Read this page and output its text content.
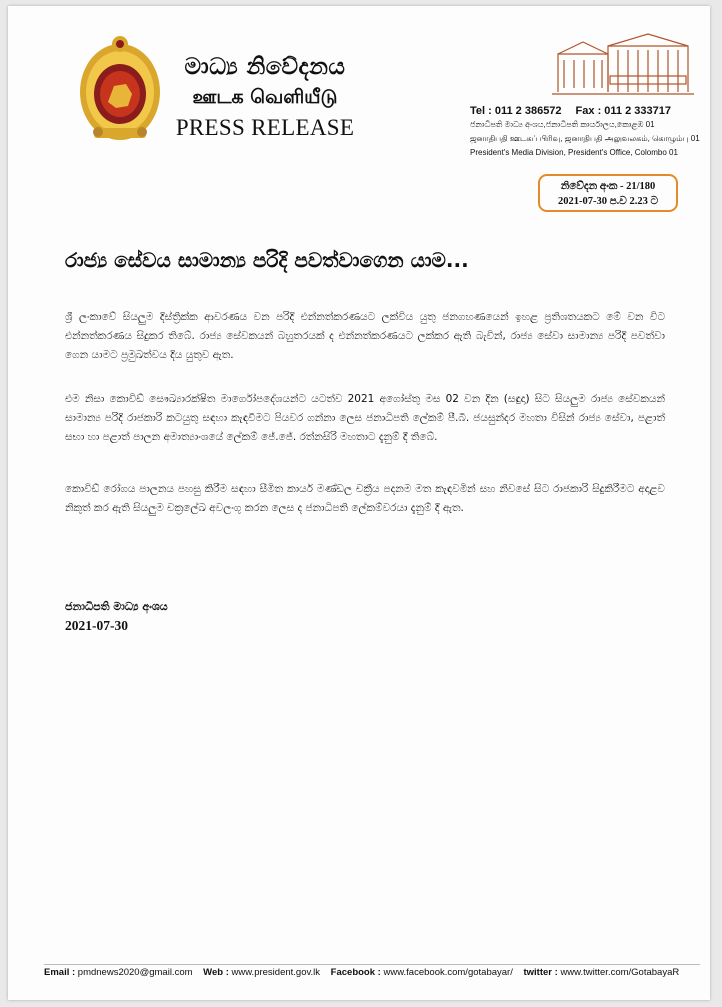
මාධ්‍ය නිවේදනය
ஊடக வெளியீடு
PRESS RELEASE
Tel : 011 2 386572 Fax : 011 2 333717
ජනාධිපති මාධ්‍ය අංශය,ජනාධිපති කාර්යාලය,කොළඹ 01
ஜனாதிபதி ஊடகப் பிரிவு, ஜனாதிபதி அலுவலகம், கொழும்பு 01
President's Media Division, President's Office, Colombo 01
නිවේදන අංක - 21/180
2021-07-30 ප.ව 2.23 ට
රාජ්‍ය සේවය සාමාන්‍ය පරිදි පවත්වාගෙන යාම...
ශ්‍රී ලංකාවේ සියලුම දිස්ත්‍රික්ක ආවරණය වන පරිදි එන්නත්කරණයට ලක්විය යුතු ජනගහණයෙන් ඉහළ ප්‍රතිශතයකට මේ වන විට එන්නත්කරණය සිදුකර තිබේ. රාජ්‍ය සේවකයන් බහුතරයක් ද එන්නත්කරණයට ලක්කර ඇති බැවින්, රාජ්‍ය සේවා සාමාන්‍ය පරිදි පවත්වා ගෙන යාමට ප්‍රමුඛත්වය දිය යුතුව ඇත.
එම නිසා කොවිඩ් සෞඛ්‍යාරක්ෂිත මාර්ගෝපදේශයන්ට යටත්ව 2021 අගෝස්තු මස 02 වන දින (සඳුදා) සිට සියලුම රාජ්‍ය සේවකයන් සාමාන්‍ය පරිදි රාජකාරි කටයුතු සඳහා කැඳවීමට පියවර ගන්නා ලෙස ජනාධිපති ලේකම් පී.බී. ජයසුන්දර මහතා විසින් රාජ්‍ය සේවා, පළාත් සභා හා පළාත් පාලන අමාත්‍යාංශයේ ලේකම් ජේ.ජේ. රත්නසිරි මහතාට දැනුම් දී තිබේ.
කොවිඩ් රෝගය පාලනය පහසු කිරීම සඳහා සීමිත කාර්ය මණ්ඩල චක්‍රීය පදනම මත කැඳවමින් සහ නිවසේ සිට රාජකාරි සිදුකිරීමට අදාළව නිකුත් කර ඇති සියලුම චක්‍රලේඛ අවලංගු කරන ලෙස ද ජනාධිපති ලේකම්වරයා දැනුම් දී ඇත.
ජනාධිපති මාධ්‍ය අංශය
2021-07-30
Email : pmdnews2020@gmail.com Web : www.president.gov.lk Facebook : www.facebook.com/gotabayar/ twitter : www.twitter.com/GotabayaR
